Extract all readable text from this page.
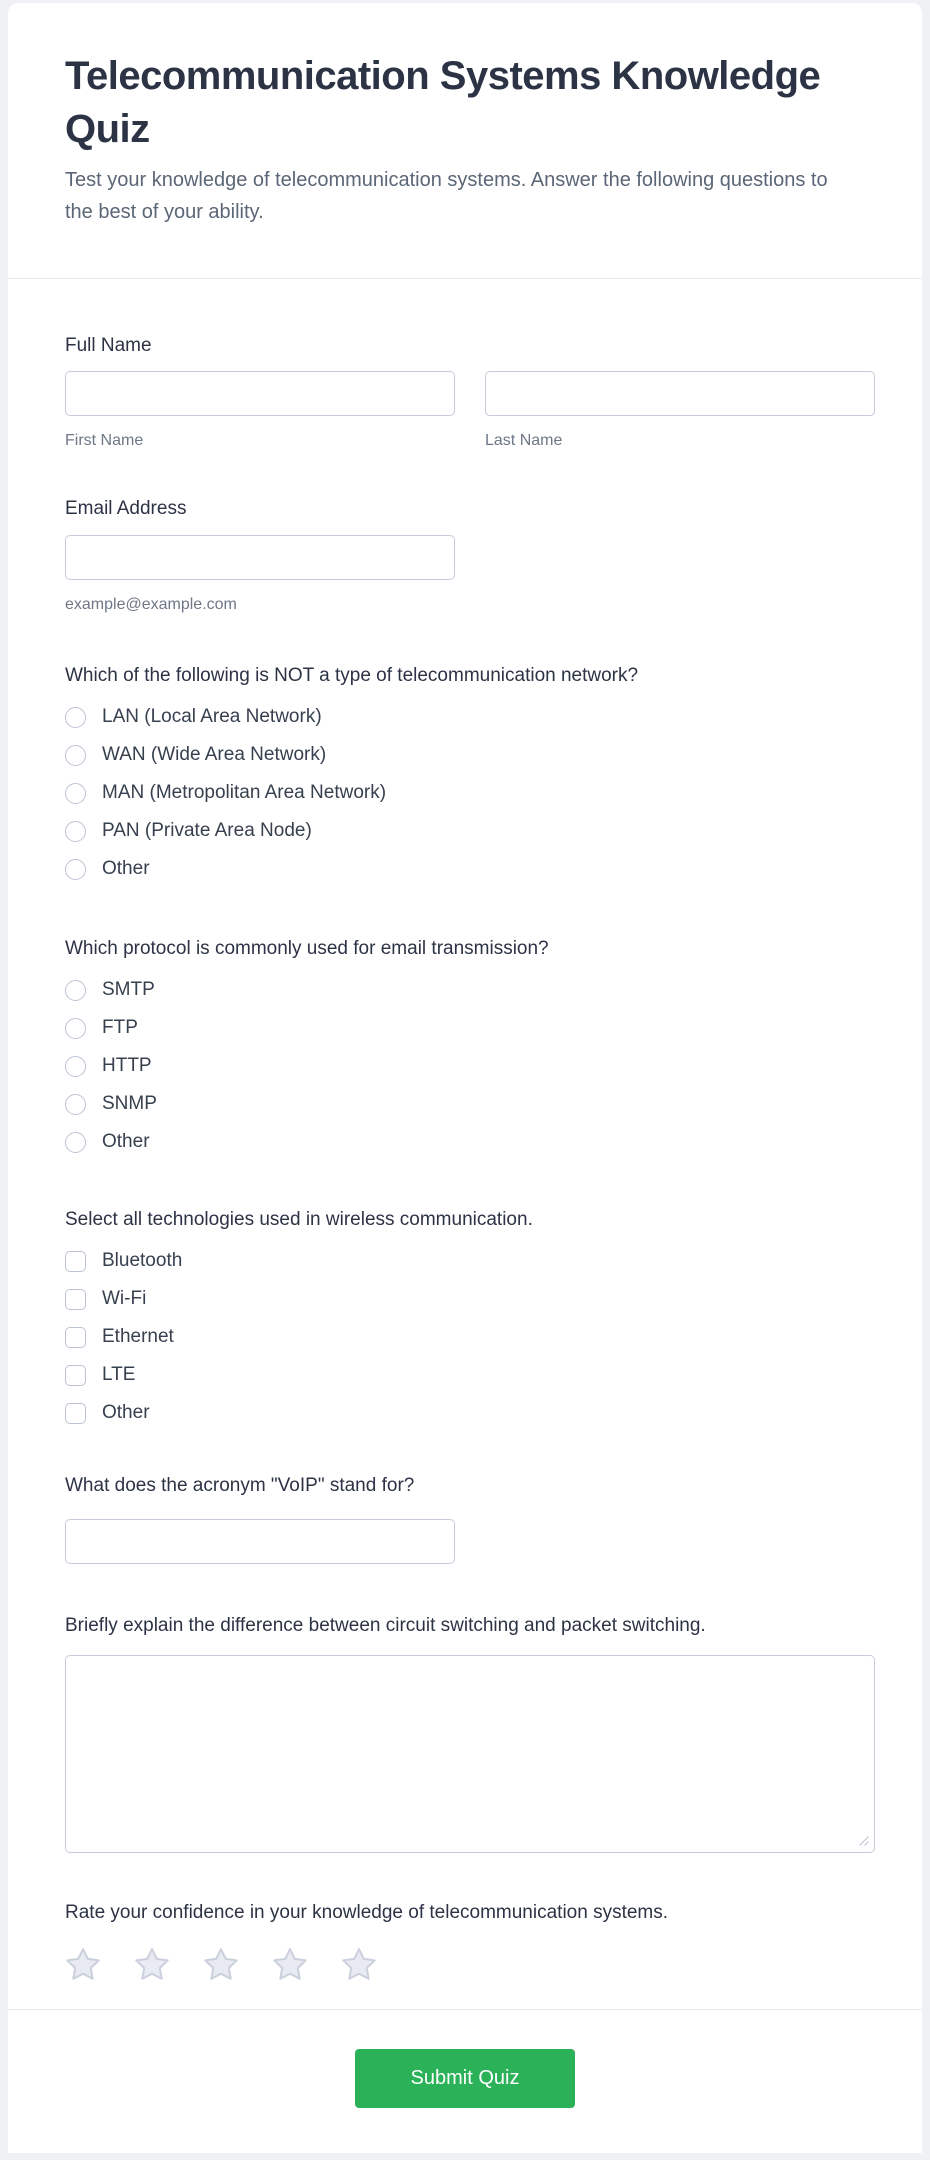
Telecommunication Systems Knowledge Quiz

Test your knowledge of telecommunication systems. Answer the following questions to the best of your ability.

Full Name
First Name	Last Name
Email Address
example@example.com
Which of the following is NOT a type of telecommunication network?
LAN (Local Area Network)
WAN (Wide Area Network)
MAN (Metropolitan Area Network)
PAN (Private Area Node)
Other
Which protocol is commonly used for email transmission?
SMTP
FTP
HTTP
SNMP
Other
Select all technologies used in wireless communication.
Bluetooth
Wi-Fi
Ethernet
LTE
Other
What does the acronym "VoIP" stand for?
Briefly explain the difference between circuit switching and packet switching.
Rate your confidence in your knowledge of telecommunication systems.
Submit Quiz
